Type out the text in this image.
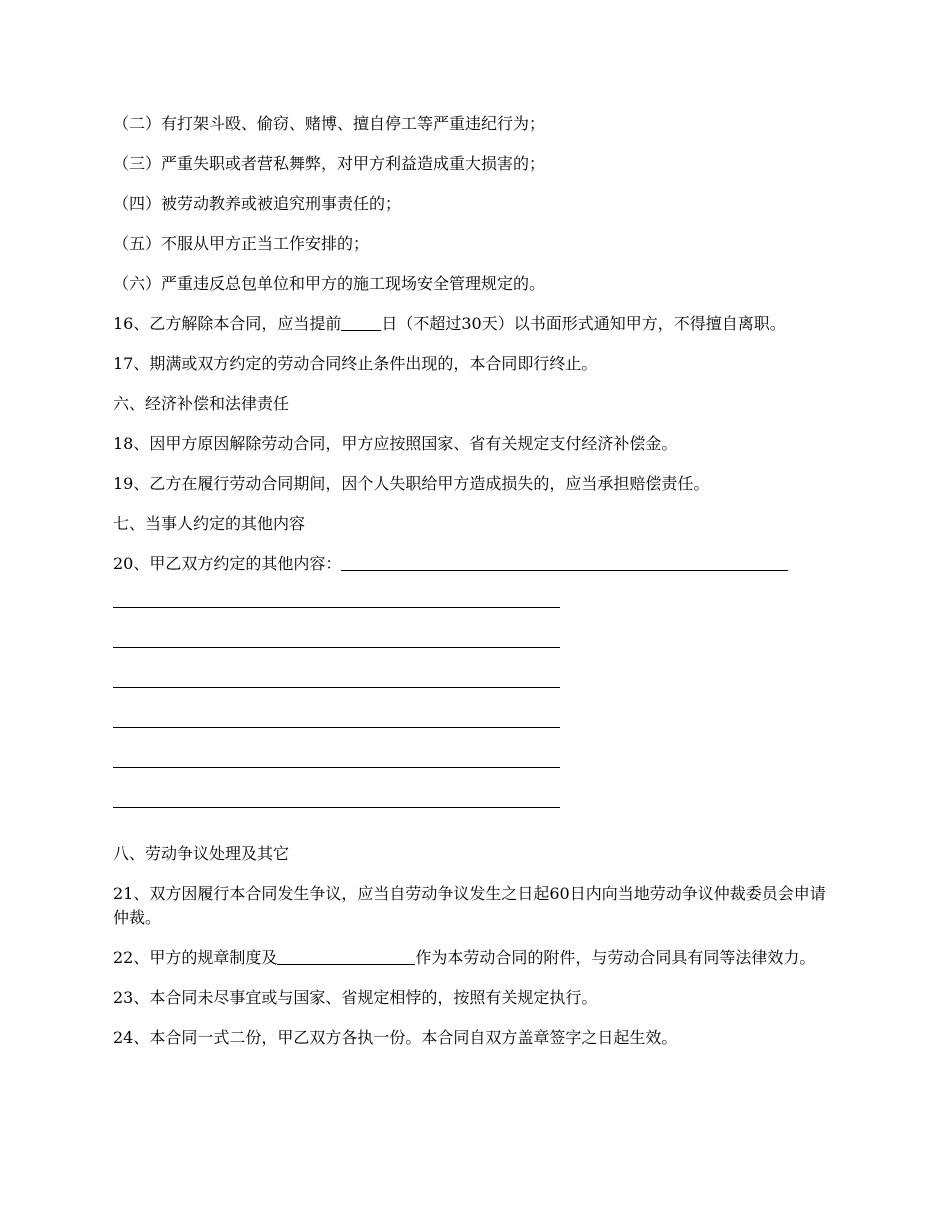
（二）有打架斗殴、偷窃、赌博、擅自停工等严重违纪行为；

（三）严重失职或者营私舞弊，对甲方利益造成重大损害的；

（四）被劳动教养或被追究刑事责任的；

（五）不服从甲方正当工作安排的；

（六）严重违反总包单位和甲方的施工现场安全管理规定的。

16、乙方解除本合同，应当提前	日（不超过30天）以书面形式通知甲方，不得擅自离职。

17、期满或双方约定的劳动合同终止条件出现的，本合同即行终止。

六、经济补偿和法律责任

18、因甲方原因解除劳动合同，甲方应按照国家、省有关规定支付经济补偿金。

19、乙方在履行劳动合同期间，因个人失职给甲方造成损失的，应当承担赔偿责任。

七、当事人约定的其他内容

20、甲乙双方约定的其他内容：

八、劳动争议处理及其它

21、双方因履行本合同发生争议，应当自劳动争议发生之日起60日内向当地劳动争议仲裁委员会申请仲裁。

22、甲方的规章制度及	作为本劳动合同的附件，与劳动合同具有同等法律效力。

23、本合同未尽事宜或与国家、省规定相悖的，按照有关规定执行。

24、本合同一式二份，甲乙双方各执一份。本合同自双方盖章签字之日起生效。
